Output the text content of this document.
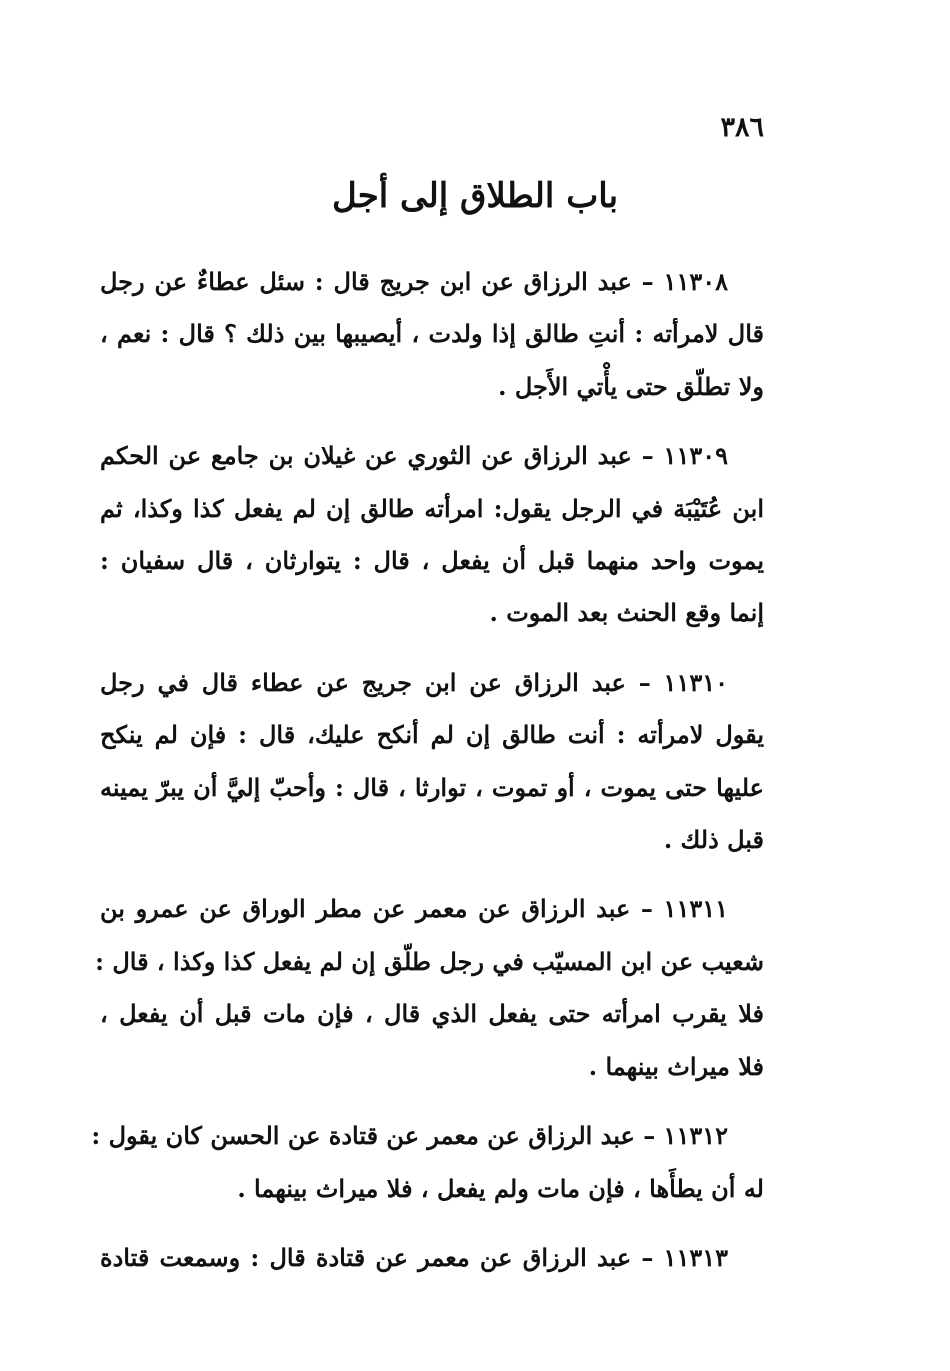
٣٨٦
باب الطلاق إلى أجل
١١٣٠٨ – عبد الرزاق عن ابن جريج قال : سئل عطاءٌ عن رجل
قال لامرأته : أنتِ طالق إذا ولدت ، أيصيبها بين ذلك ؟ قال : نعم ،
ولا تطلّق حتى يأْتي الأَجل .
١١٣٠٩ – عبد الرزاق عن الثوري عن غيلان بن جامع عن الحكم
ابن عُتَيْبَة في الرجل يقول: امرأته طالق إن لم يفعل كذا وكذا، ثم
يموت واحد منهما قبل أن يفعل ، قال : يتوارثان ، قال سفيان :
إنما وقع الحنث بعد الموت .
١١٣١٠ – عبد الرزاق عن ابن جريج عن عطاء قال في رجل
يقول لامرأته : أنت طالق إن لم أنكح عليك، قال : فإن لم ينكح
عليها حتى يموت ، أو تموت ، توارثا ، قال : وأحبّ إليَّ أن يبرّ يمينه
قبل ذلك .
١١٣١١ – عبد الرزاق عن معمر عن مطر الوراق عن عمرو بن
شعيب عن ابن المسيّب في رجل طلّق إن لم يفعل كذا وكذا ، قال :
فلا يقرب امرأته حتى يفعل الذي قال ، فإن مات قبل أن يفعل ،
فلا ميراث بينهما .
١١٣١٢ – عبد الرزاق عن معمر عن قتادة عن الحسن كان يقول :
له أن يطأَها ، فإن مات ولم يفعل ، فلا ميراث بينهما .
١١٣١٣ – عبد الرزاق عن معمر عن قتادة قال : وسمعت قتادة
